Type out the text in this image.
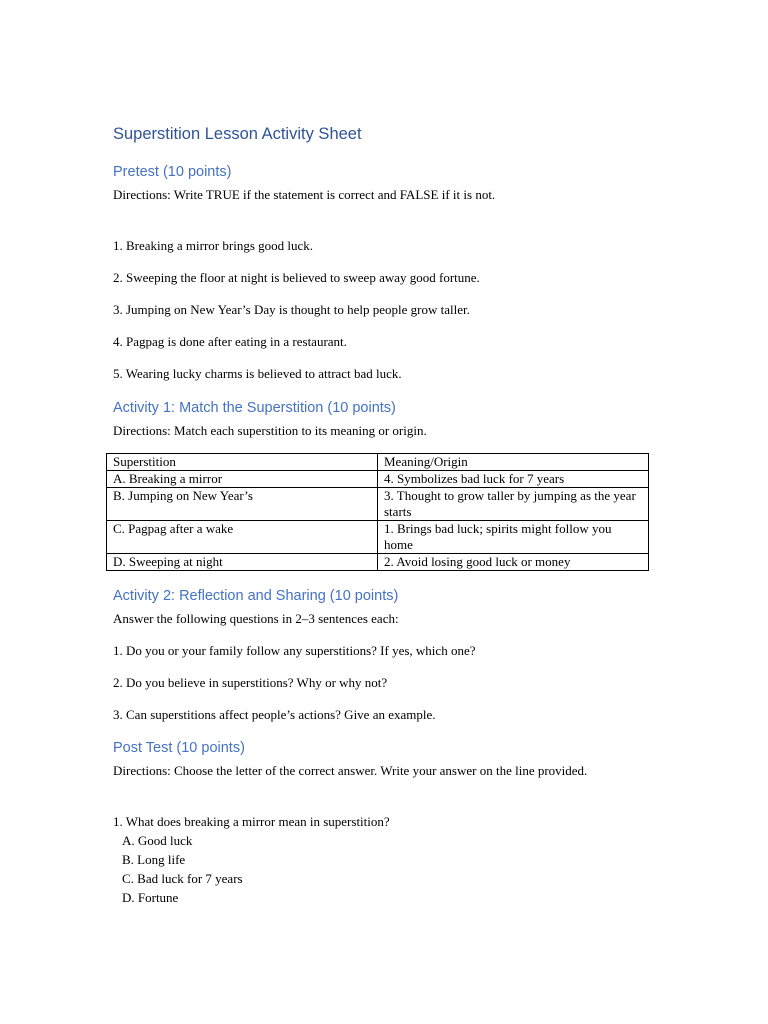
Superstition Lesson Activity Sheet
Pretest (10 points)

Directions: Write TRUE if the statement is correct and FALSE if it is not.

1. Breaking a mirror brings good luck.

2. Sweeping the floor at night is believed to sweep away good fortune.

3. Jumping on New Year’s Day is thought to help people grow taller.

4. Pagpag is done after eating in a restaurant.

5. Wearing lucky charms is believed to attract bad luck.

Activity 1: Match the Superstition (10 points)

Directions: Match each superstition to its meaning or origin.

Superstition	Meaning/Origin
A. Breaking a mirror	4. Symbolizes bad luck for 7 years
B. Jumping on New Year’s	3. Thought to grow taller by jumping as the year starts
C. Pagpag after a wake	1. Brings bad luck; spirits might follow you home
D. Sweeping at night	2. Avoid losing good luck or money
Activity 2: Reflection and Sharing (10 points)

Answer the following questions in 2–3 sentences each:

1. Do you or your family follow any superstitions? If yes, which one?

2. Do you believe in superstitions? Why or why not?

3. Can superstitions affect people’s actions? Give an example.

Post Test (10 points)

Directions: Choose the letter of the correct answer. Write your answer on the line provided.

1. What does breaking a mirror mean in superstition?

A. Good luck

B. Long life

C. Bad luck for 7 years

D. Fortune
